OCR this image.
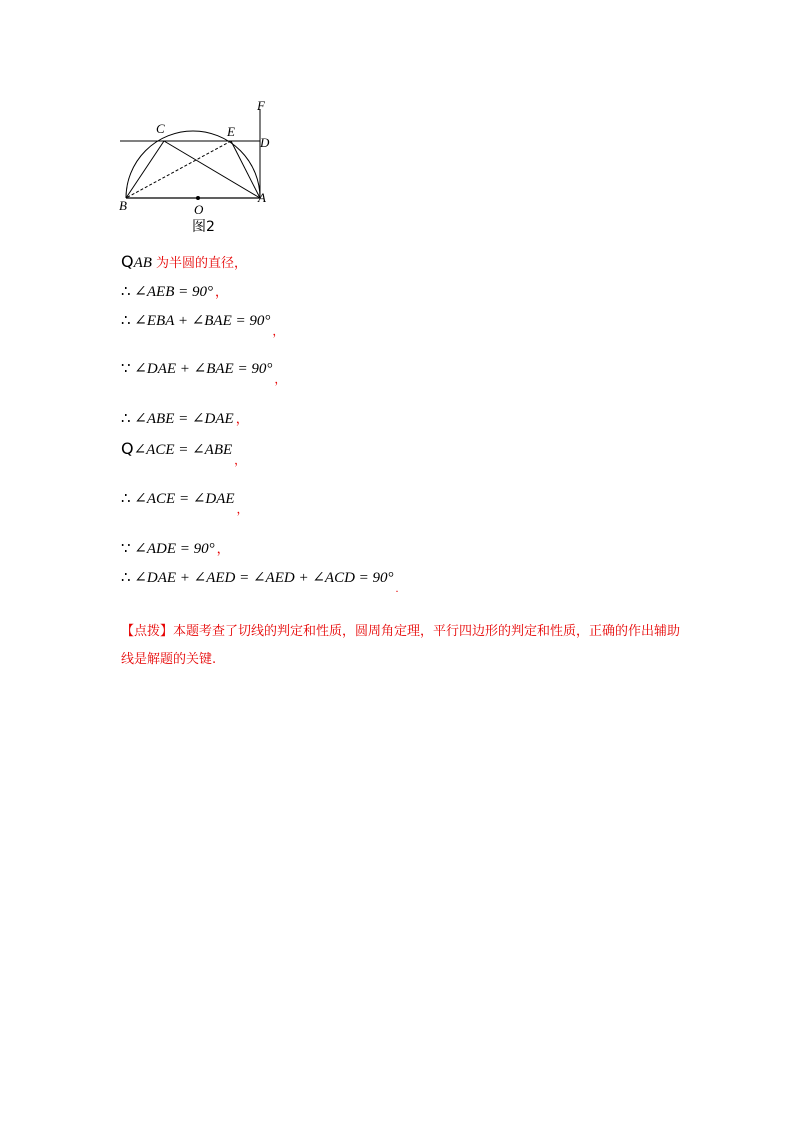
F
C	E
D
B	O
A
图2
QAB 为半圆的直径，
∴ ∠AEB = 90° ，
∴ ∠EBA + ∠BAE = $90^\circ_,$
∵ ∠DAE + ∠BAE = $90^\circ_,$
∴ ∠ABE = ∠DAE ，
Q∠ACE = $\angle ABE_,$
∴ ∠ACE = $\angle DAE_,$
∵ ∠ADE = 90° ，
∴ ∠DAE + ∠AED = ∠AED + ∠ACD = $90^\circ_.$
【点拨】本题考查了切线的判定和性质，圆周角定理，平行四边形的判定和性质，正确的作出辅助线是解题的关键.
